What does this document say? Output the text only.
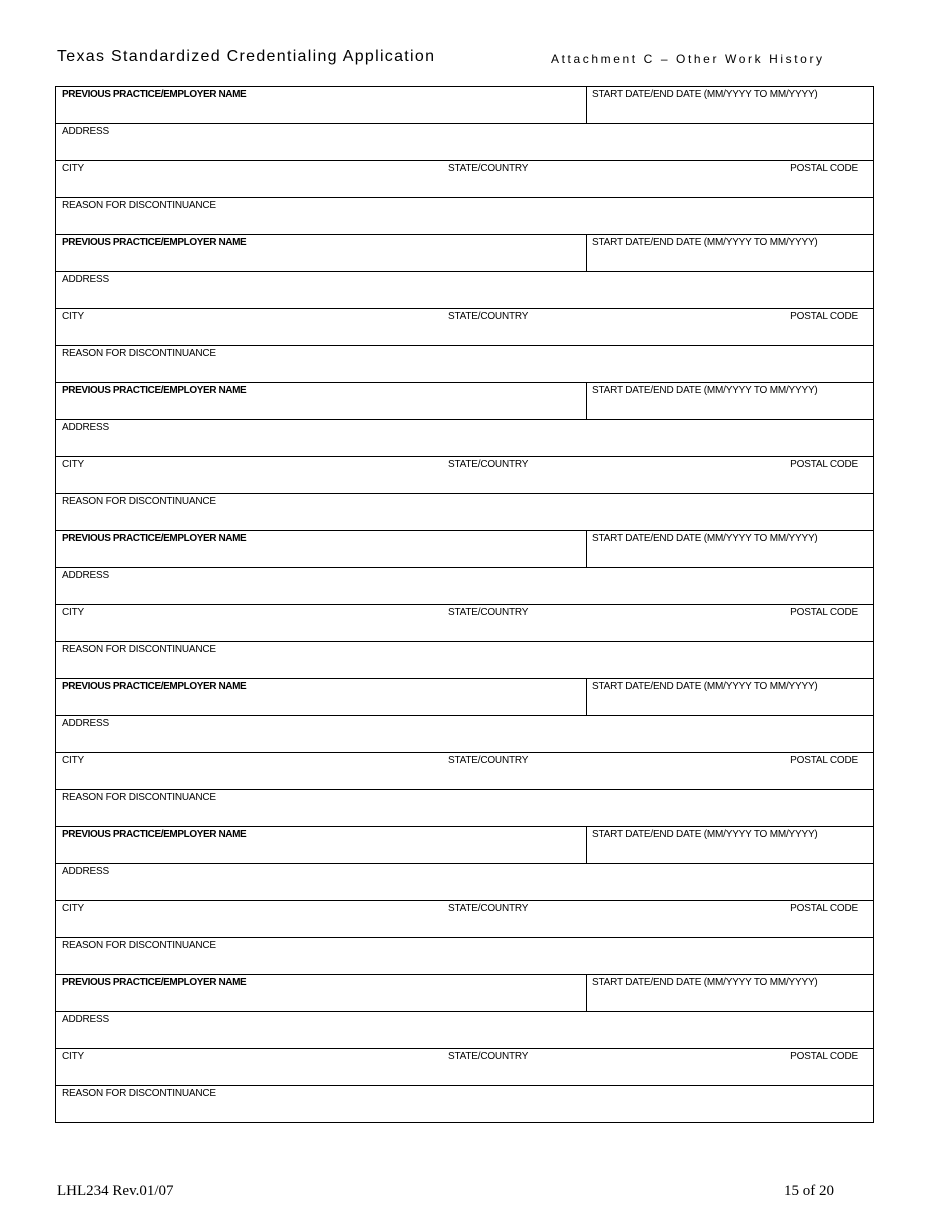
Texas Standardized Credentialing Application	Attachment C – Other Work History
PREVIOUS PRACTICE/EMPLOYER NAME	START DATE/END DATE (MM/YYYY TO MM/YYYY)
ADDRESS
CITY	STATE/COUNTRY	POSTAL CODE
REASON FOR DISCONTINUANCE
PREVIOUS PRACTICE/EMPLOYER NAME	START DATE/END DATE (MM/YYYY TO MM/YYYY)
ADDRESS
CITY	STATE/COUNTRY	POSTAL CODE
REASON FOR DISCONTINUANCE
PREVIOUS PRACTICE/EMPLOYER NAME	START DATE/END DATE (MM/YYYY TO MM/YYYY)
ADDRESS
CITY	STATE/COUNTRY	POSTAL CODE
REASON FOR DISCONTINUANCE
PREVIOUS PRACTICE/EMPLOYER NAME	START DATE/END DATE (MM/YYYY TO MM/YYYY)
ADDRESS
CITY	STATE/COUNTRY	POSTAL CODE
REASON FOR DISCONTINUANCE
PREVIOUS PRACTICE/EMPLOYER NAME	START DATE/END DATE (MM/YYYY TO MM/YYYY)
ADDRESS
CITY	STATE/COUNTRY	POSTAL CODE
REASON FOR DISCONTINUANCE
PREVIOUS PRACTICE/EMPLOYER NAME	START DATE/END DATE (MM/YYYY TO MM/YYYY)
ADDRESS
CITY	STATE/COUNTRY	POSTAL CODE
REASON FOR DISCONTINUANCE
PREVIOUS PRACTICE/EMPLOYER NAME	START DATE/END DATE (MM/YYYY TO MM/YYYY)
ADDRESS
CITY	STATE/COUNTRY	POSTAL CODE
REASON FOR DISCONTINUANCE
LHL234 Rev.01/07	15 of 20
